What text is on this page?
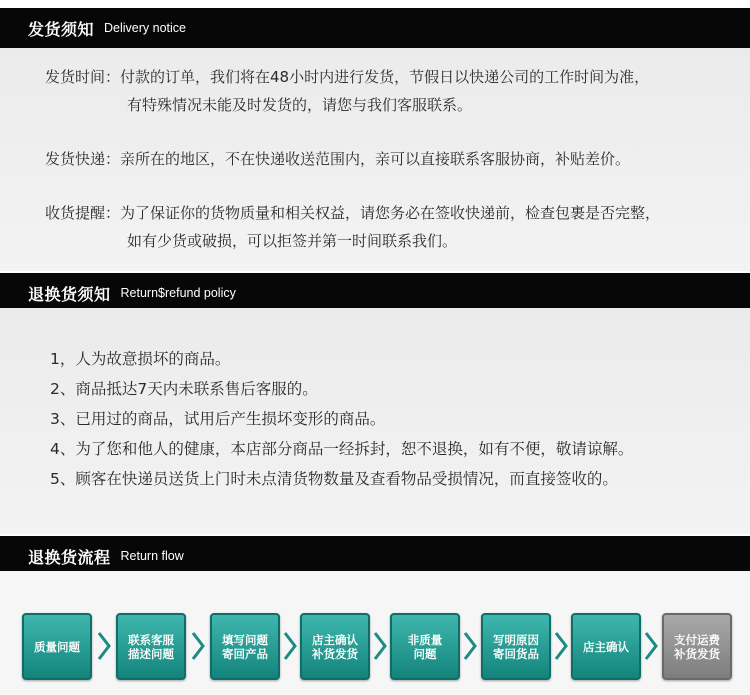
发货须知 Delivery notice
发货时间：付款的订单，我们将在48小时内进行发货，节假日以快递公司的工作时间为准，
有特殊情况未能及时发货的，请您与我们客服联系。
发货快递：亲所在的地区，不在快递收送范围内，亲可以直接联系客服协商，补贴差价。
收货提醒：为了保证你的货物质量和相关权益，请您务必在签收快递前，检查包裹是否完整，
如有少货或破损，可以拒签并第一时间联系我们。
退换货须知 Return$refund policy
1，人为故意损坏的商品。
2、商品抵达7天内未联系售后客服的。
3、已用过的商品，试用后产生损坏变形的商品。
4、为了您和他人的健康，本店部分商品一经拆封，恕不退换，如有不便，敬请谅解。
5、顾客在快递员送货上门时未点清货物数量及查看物品受损情况，而直接签收的。
退换货流程 Return flow
质量问题	联系客服
描述问题
填写问题
寄回产品
店主确认
补货发货
非质量
问题
写明原因
寄回货品	店主确认	支付运费
补货发货
